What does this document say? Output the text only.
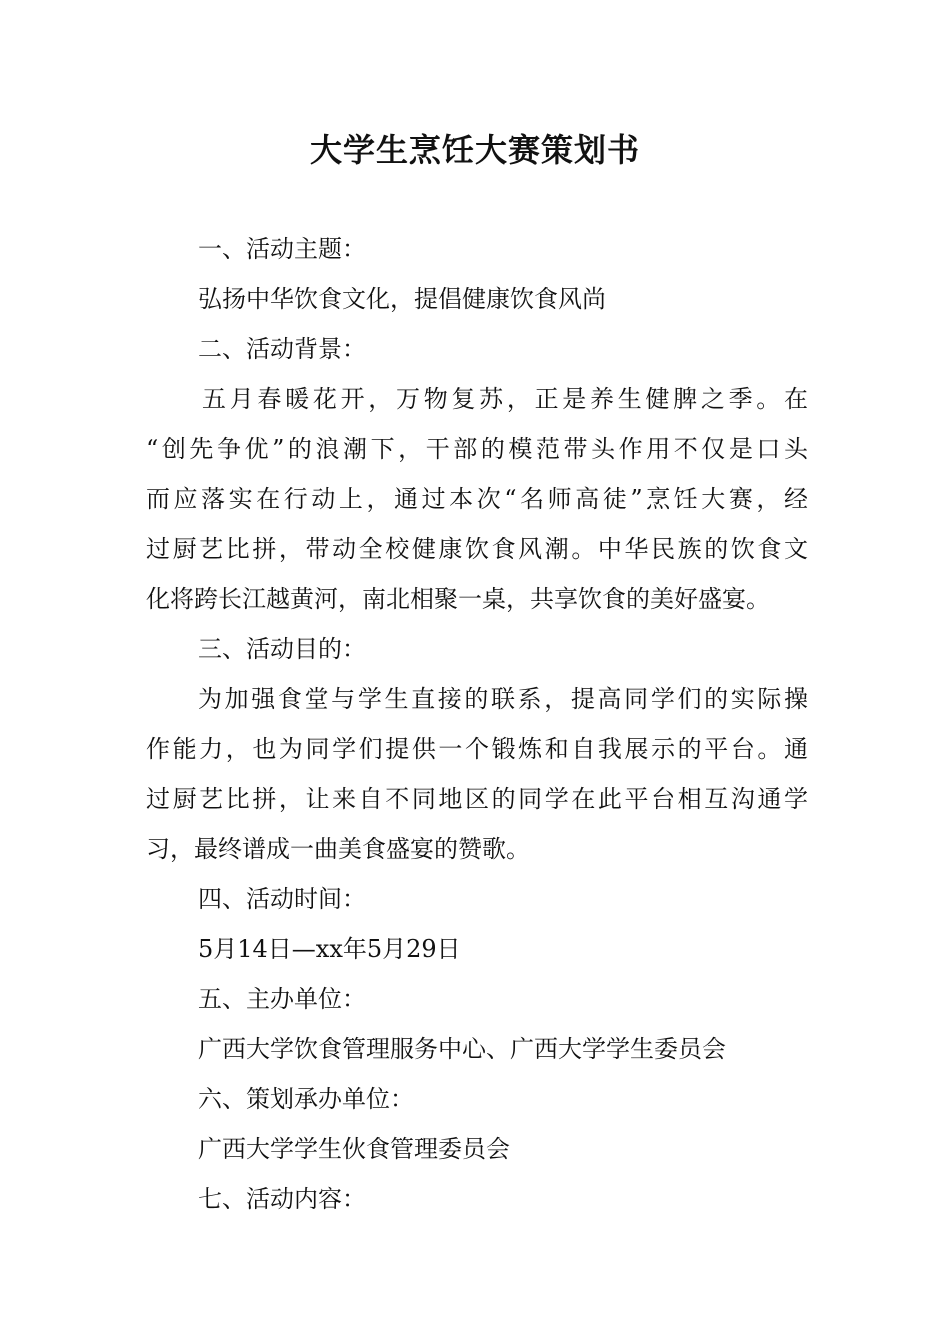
大学生烹饪大赛策划书
一、活动主题：
弘扬中华饮食文化，提倡健康饮食风尚
二、活动背景：
五月春暖花开，万物复苏，正是养生健脾之季。在
“创先争优”的浪潮下，干部的模范带头作用不仅是口头
而应落实在行动上，通过本次“名师高徒”烹饪大赛，经
过厨艺比拼，带动全校健康饮食风潮。中华民族的饮食文
化将跨长江越黄河，南北相聚一桌，共享饮食的美好盛宴。
三、活动目的：
为加强食堂与学生直接的联系，提高同学们的实际操
作能力，也为同学们提供一个锻炼和自我展示的平台。通
过厨艺比拼，让来自不同地区的同学在此平台相互沟通学
习，最终谱成一曲美食盛宴的赞歌。
四、活动时间：
5月14日—xx年5月29日
五、主办单位：
广西大学饮食管理服务中心、广西大学学生委员会
六、策划承办单位：
广西大学学生伙食管理委员会
七、活动内容：
